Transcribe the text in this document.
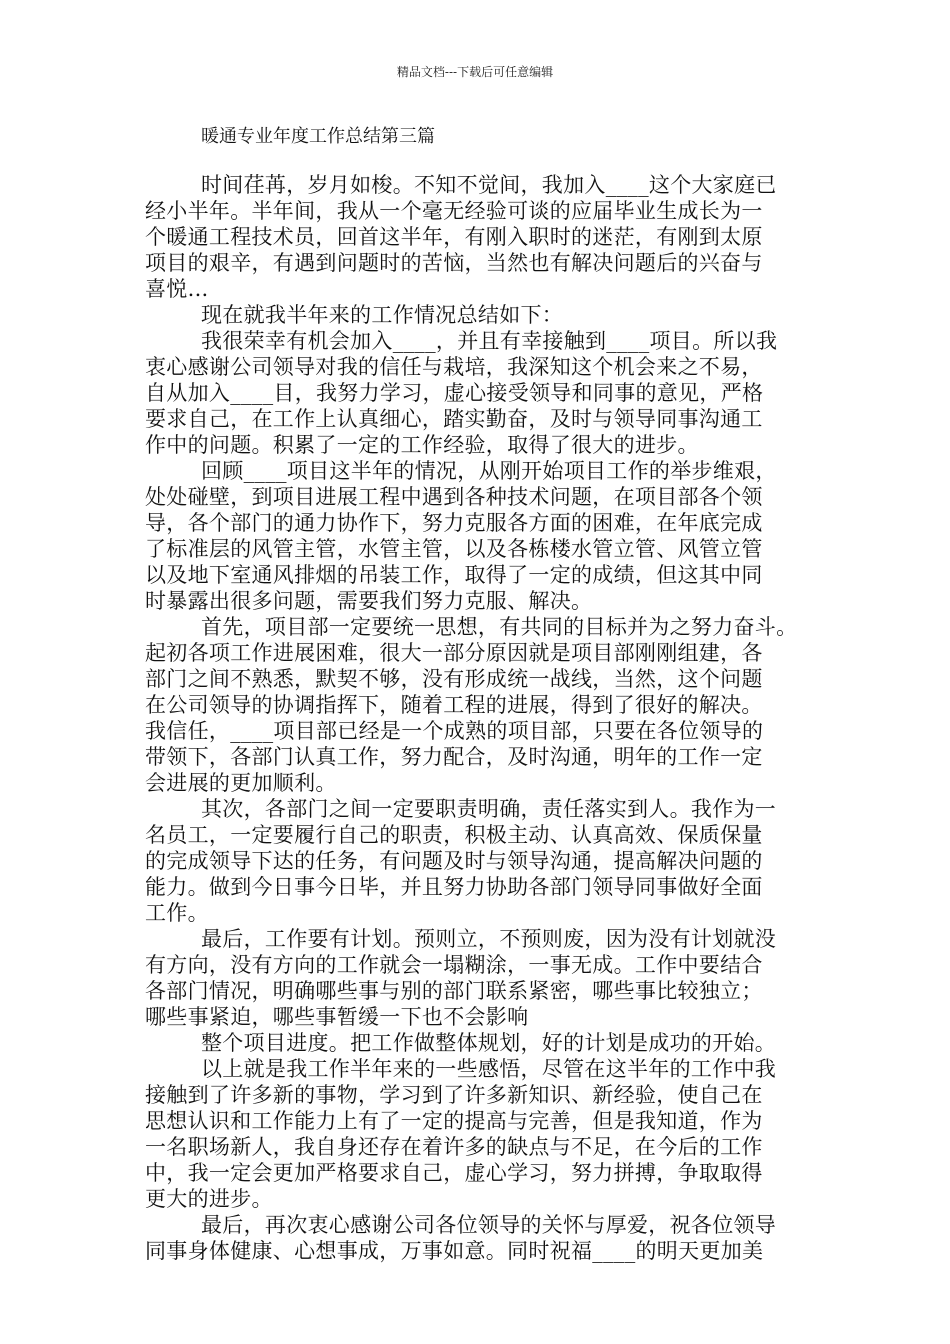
精品文档---下载后可任意编辑
暖通专业年度工作总结第三篇
时间荏苒，岁月如梭。不知不觉间，我加入____这个大家庭已
经小半年。半年间，我从一个毫无经验可谈的应届毕业生成长为一
个暖通工程技术员，回首这半年，有刚入职时的迷茫，有刚到太原
项目的艰辛，有遇到问题时的苦恼，当然也有解决问题后的兴奋与
喜悦...
现在就我半年来的工作情况总结如下：
我很荣幸有机会加入____，并且有幸接触到____项目。所以我
衷心感谢公司领导对我的信任与栽培，我深知这个机会来之不易，
自从加入____目，我努力学习，虚心接受领导和同事的意见，严格
要求自己，在工作上认真细心，踏实勤奋，及时与领导同事沟通工
作中的问题。积累了一定的工作经验，取得了很大的进步。
回顾____项目这半年的情况，从刚开始项目工作的举步维艰，
处处碰壁，到项目进展工程中遇到各种技术问题，在项目部各个领
导，各个部门的通力协作下，努力克服各方面的困难，在年底完成
了标准层的风管主管，水管主管，以及各栋楼水管立管、风管立管
以及地下室通风排烟的吊装工作，取得了一定的成绩，但这其中同
时暴露出很多问题，需要我们努力克服、解决。
首先，项目部一定要统一思想，有共同的目标并为之努力奋斗。
起初各项工作进展困难，很大一部分原因就是项目部刚刚组建，各
部门之间不熟悉，默契不够，没有形成统一战线，当然，这个问题
在公司领导的协调指挥下，随着工程的进展，得到了很好的解决。
我信任，____项目部已经是一个成熟的项目部，只要在各位领导的
带领下，各部门认真工作，努力配合，及时沟通，明年的工作一定
会进展的更加顺利。
其次，各部门之间一定要职责明确，责任落实到人。我作为一
名员工，一定要履行自己的职责，积极主动、认真高效、保质保量
的完成领导下达的任务，有问题及时与领导沟通，提高解决问题的
能力。做到今日事今日毕，并且努力协助各部门领导同事做好全面
工作。
最后，工作要有计划。预则立，不预则废，因为没有计划就没
有方向，没有方向的工作就会一塌糊涂，一事无成。工作中要结合
各部门情况，明确哪些事与别的部门联系紧密，哪些事比较独立；
哪些事紧迫，哪些事暂缓一下也不会影响
整个项目进度。把工作做整体规划，好的计划是成功的开始。
以上就是我工作半年来的一些感悟，尽管在这半年的工作中我
接触到了许多新的事物，学习到了许多新知识、新经验，使自己在
思想认识和工作能力上有了一定的提高与完善，但是我知道，作为
一名职场新人，我自身还存在着许多的缺点与不足，在今后的工作
中，我一定会更加严格要求自己，虚心学习，努力拼搏，争取取得
更大的进步。
最后，再次衷心感谢公司各位领导的关怀与厚爱，祝各位领导
同事身体健康、心想事成，万事如意。同时祝福____的明天更加美
